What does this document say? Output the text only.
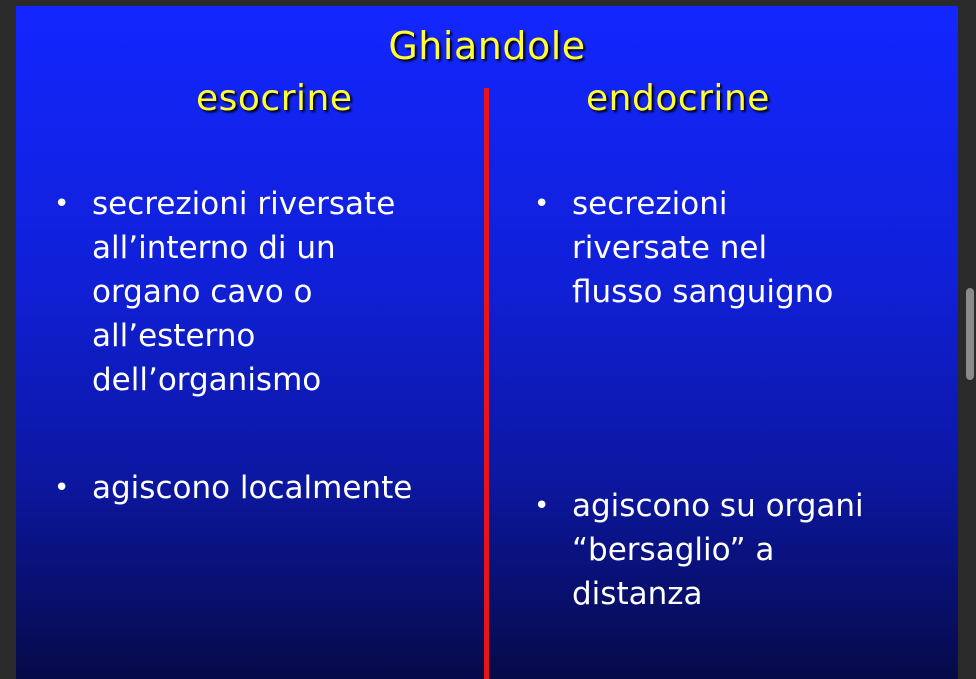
Ghiandole
esocrine	endocrine
• secrezioni riversate
all’interno di un
organo cavo o
all’esterno
dell’organismo
• agiscono localmente
• secrezioni
riversate nel
flusso sanguigno
• agiscono su organi
“bersaglio” a
distanza
